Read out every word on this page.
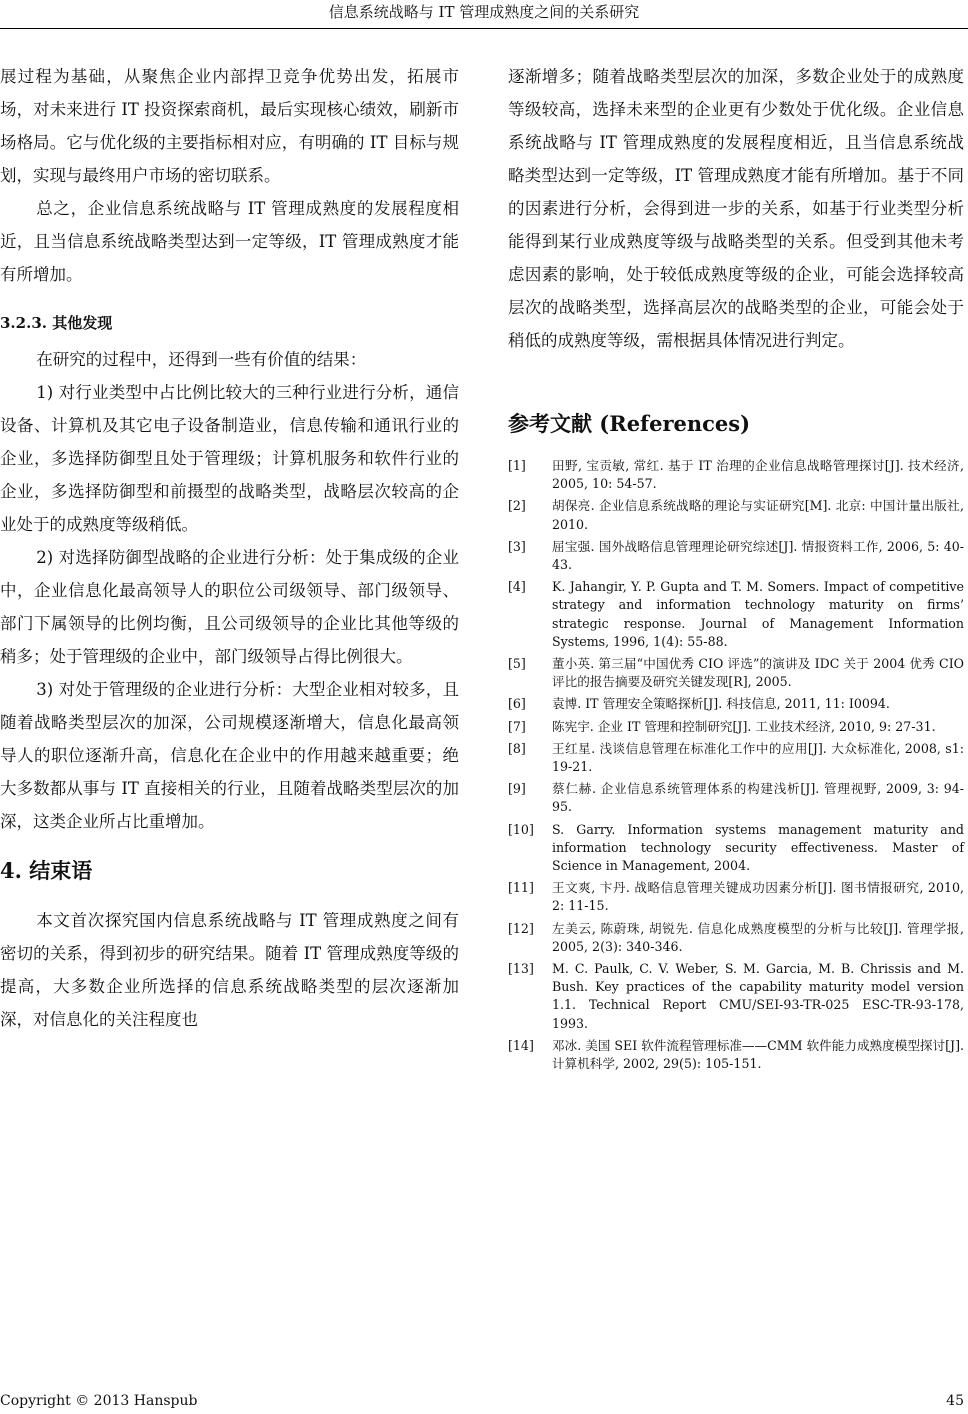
信息系统战略与 IT 管理成熟度之间的关系研究

展过程为基础，从聚焦企业内部捍卫竞争优势出发，拓展市场，对未来进行 IT 投资探索商机，最后实现核心绩效，刷新市场格局。它与优化级的主要指标相对应，有明确的 IT 目标与规划，实现与最终用户市场的密切联系。

总之，企业信息系统战略与 IT 管理成熟度的发展程度相近，且当信息系统战略类型达到一定等级，IT 管理成熟度才能有所增加。

3.2.3. 其他发现

在研究的过程中，还得到一些有价值的结果：

1) 对行业类型中占比例比较大的三种行业进行分析，通信设备、计算机及其它电子设备制造业，信息传输和通讯行业的企业，多选择防御型且处于管理级；计算机服务和软件行业的企业，多选择防御型和前摄型的战略类型，战略层次较高的企业处于的成熟度等级稍低。

2) 对选择防御型战略的企业进行分析：处于集成级的企业中，企业信息化最高领导人的职位公司级领导、部门级领导、部门下属领导的比例均衡，且公司级领导的企业比其他等级的稍多；处于管理级的企业中，部门级领导占得比例很大。

3) 对处于管理级的企业进行分析：大型企业相对较多，且随着战略类型层次的加深，公司规模逐渐增大，信息化最高领导人的职位逐渐升高，信息化在企业中的作用越来越重要；绝大多数都从事与 IT 直接相关的行业，且随着战略类型层次的加深，这类企业所占比重增加。

4. 结束语

本文首次探究国内信息系统战略与 IT 管理成熟度之间有密切的关系，得到初步的研究结果。随着 IT 管理成熟度等级的提高，大多数企业所选择的信息系统战略类型的层次逐渐加深，对信息化的关注程度也

逐渐增多；随着战略类型层次的加深，多数企业处于的成熟度等级较高，选择未来型的企业更有少数处于优化级。企业信息系统战略与 IT 管理成熟度的发展程度相近，且当信息系统战略类型达到一定等级，IT 管理成熟度才能有所增加。基于不同的因素进行分析，会得到进一步的关系，如基于行业类型分析能得到某行业成熟度等级与战略类型的关系。但受到其他未考虑因素的影响，处于较低成熟度等级的企业，可能会选择较高层次的战略类型，选择高层次的战略类型的企业，可能会处于稍低的成熟度等级，需根据具体情况进行判定。

参考文献 (References)
[1]	田野, 宝贡敏, 常红. 基于 IT 治理的企业信息战略管理探讨[J]. 技术经济, 2005, 10: 54-57.
[2]	胡保亮. 企业信息系统战略的理论与实证研究[M]. 北京: 中国计量出版社, 2010.
[3]	屈宝强. 国外战略信息管理理论研究综述[J]. 情报资料工作, 2006, 5: 40-43.
[4]	K. Jahangir, Y. P. Gupta and T. M. Somers. Impact of competitive strategy and information technology maturity on firms’ strategic response. Journal of Management Information Systems, 1996, 1(4): 55-88.
[5]	董小英. 第三届“中国优秀 CIO 评选”的演讲及 IDC 关于 2004 优秀 CIO 评比的报告摘要及研究关键发现[R], 2005.
[6]	袁博. IT 管理安全策略探析[J]. 科技信息, 2011, 11: I0094.
[7]	陈宪宇. 企业 IT 管理和控制研究[J]. 工业技术经济, 2010, 9: 27-31.
[8]	王红星. 浅谈信息管理在标准化工作中的应用[J]. 大众标准化, 2008, s1: 19-21.
[9]	蔡仁赫. 企业信息系统管理体系的构建浅析[J]. 管理视野, 2009, 3: 94-95.
[10]	S. Garry. Information systems management maturity and information technology security effectiveness. Master of Science in Management, 2004.
[11]	王文爽, 卞丹. 战略信息管理关键成功因素分析[J]. 图书情报研究, 2010, 2: 11-15.
[12]	左美云, 陈蔚珠, 胡锐先. 信息化成熟度模型的分析与比较[J]. 管理学报, 2005, 2(3): 340-346.
[13]	M. C. Paulk, C. V. Weber, S. M. Garcia, M. B. Chrissis and M. Bush. Key practices of the capability maturity model version 1.1. Technical Report CMU/SEI-93-TR-025 ESC-TR-93-178, 1993.
[14]	邓冰. 美国 SEI 软件流程管理标准——CMM 软件能力成熟度模型探讨[J]. 计算机科学, 2002, 29(5): 105-151.
Copyright © 2013 Hanspub	45
